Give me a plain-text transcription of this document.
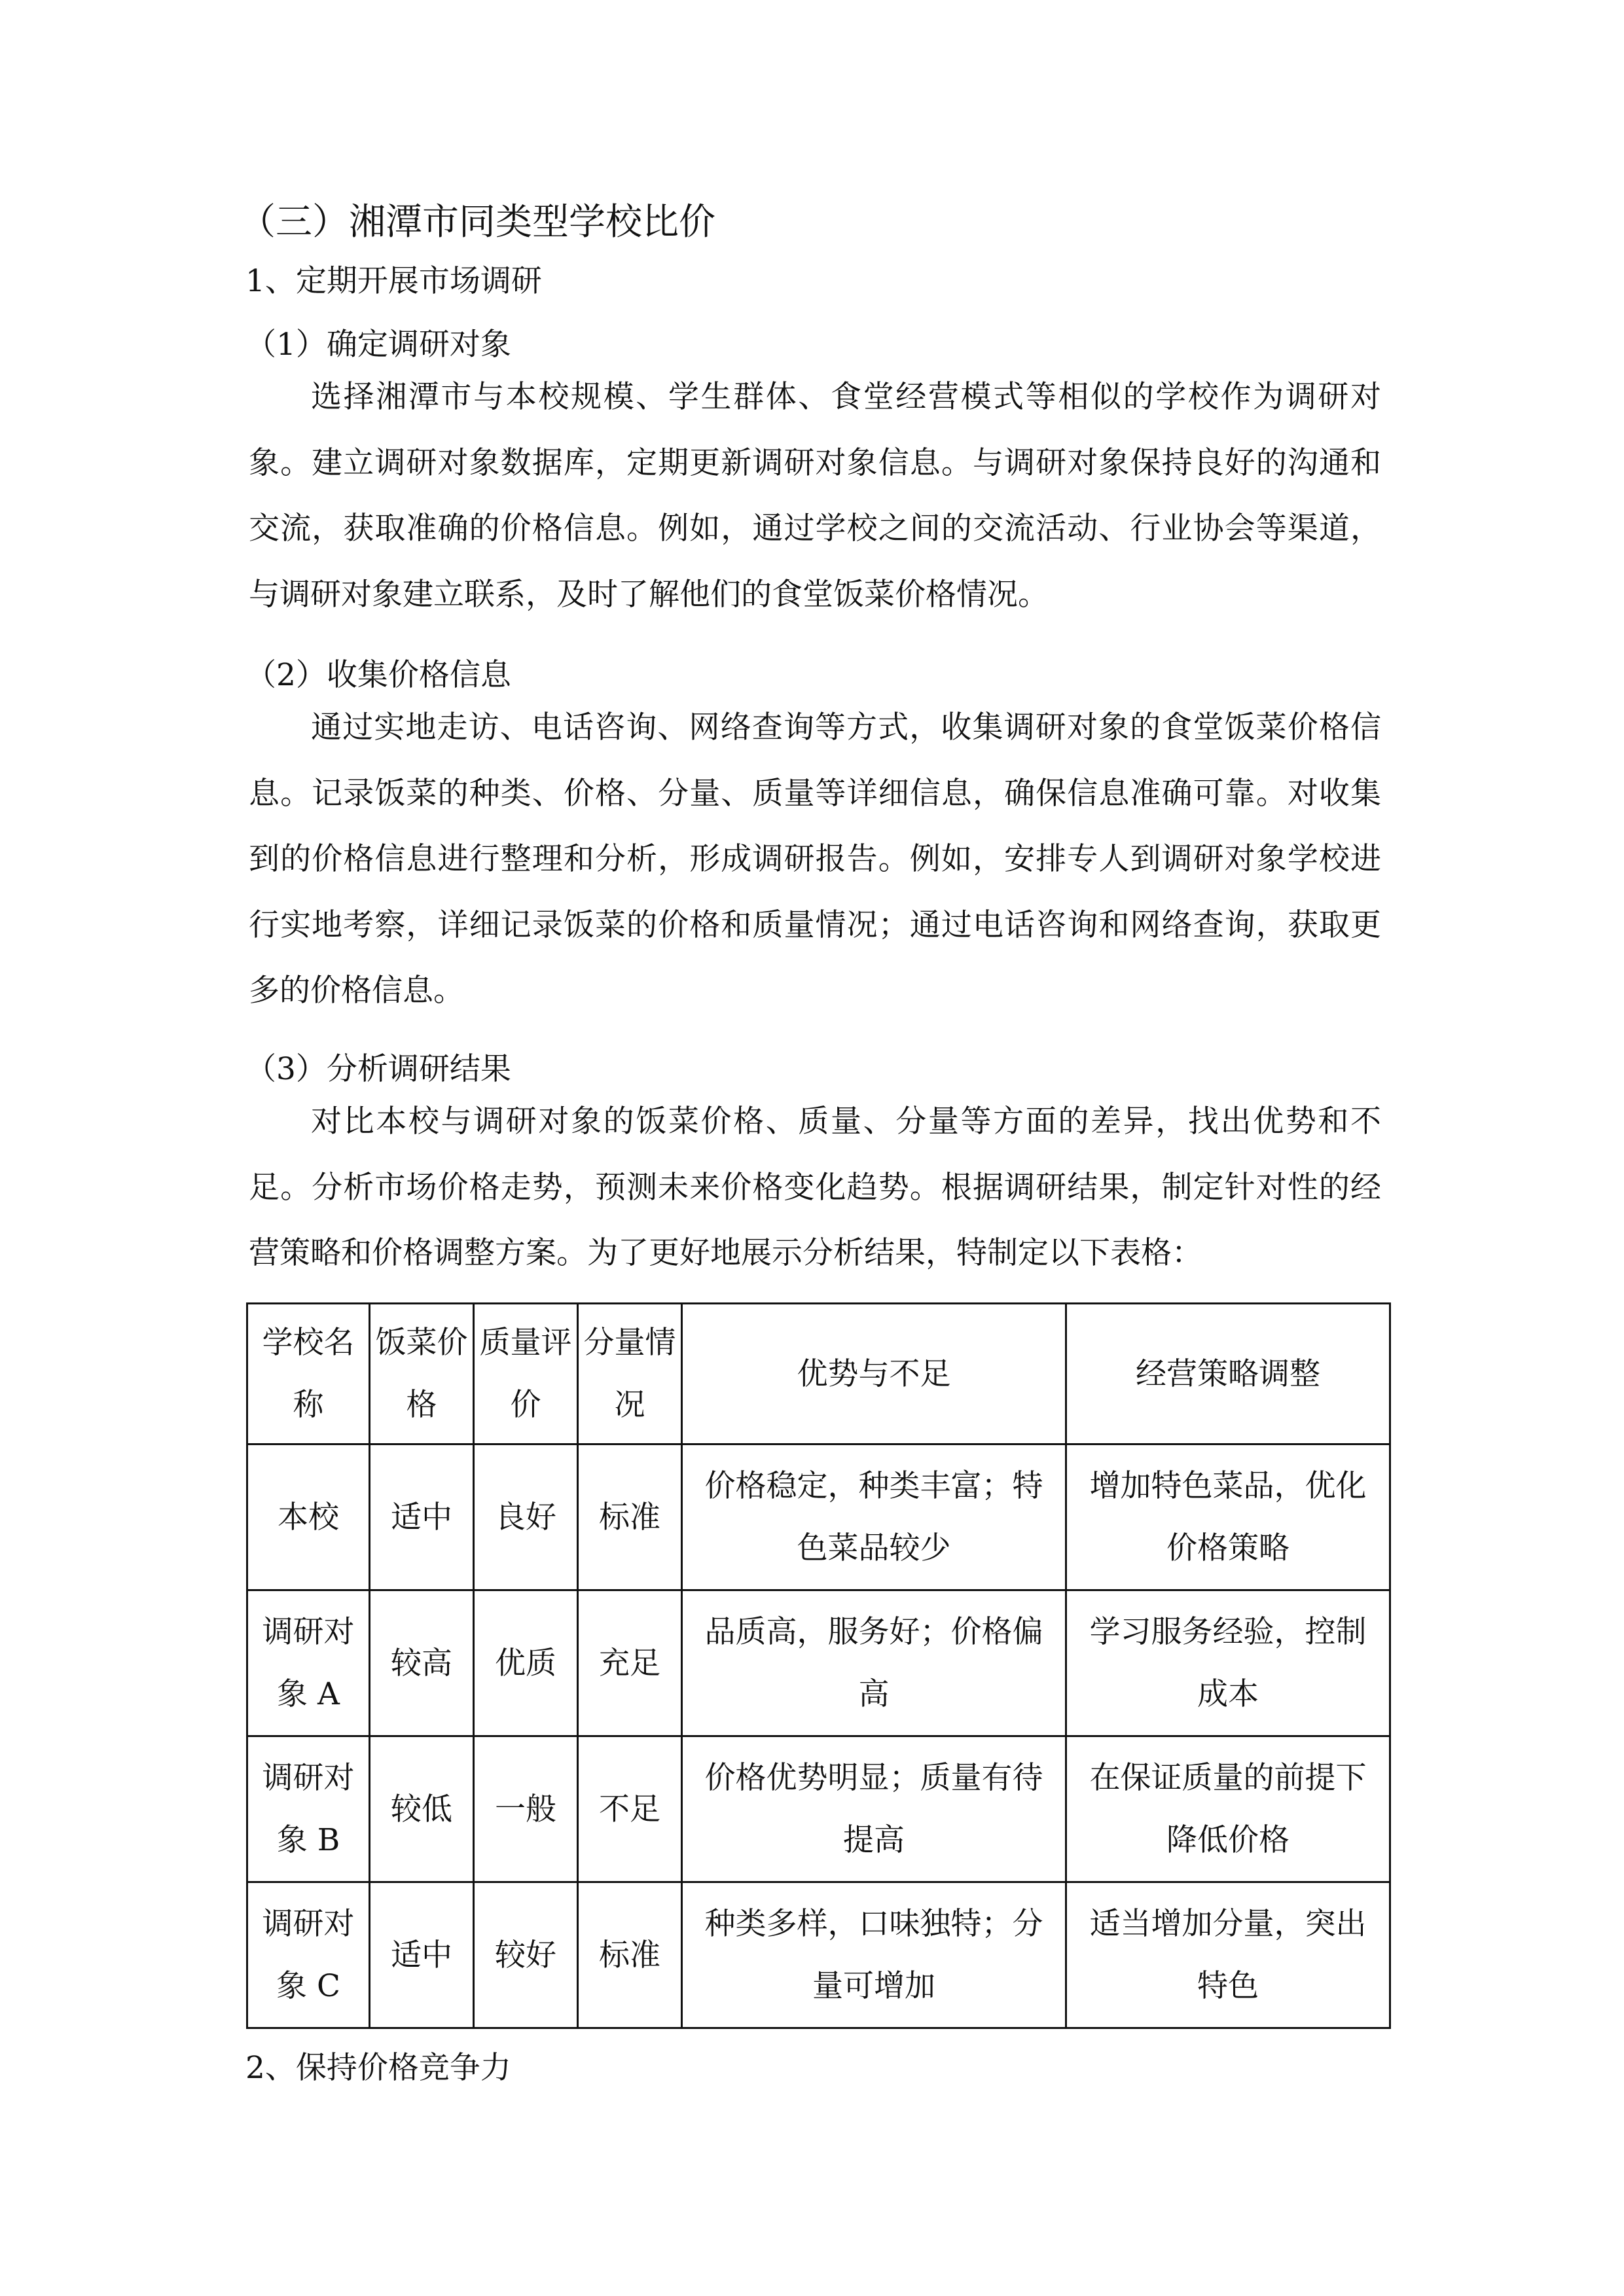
（三）湘潭市同类型学校比价
1、定期开展市场调研
（1）确定调研对象

选择湘潭市与本校规模、学生群体、食堂经营模式等相似的学校作为调研对象。建立调研对象数据库，定期更新调研对象信息。与调研对象保持良好的沟通和交流，获取准确的价格信息。例如，通过学校之间的交流活动、行业协会等渠道，与调研对象建立联系，及时了解他们的食堂饭菜价格情况。

（2）收集价格信息

通过实地走访、电话咨询、网络查询等方式，收集调研对象的食堂饭菜价格信息。记录饭菜的种类、价格、分量、质量等详细信息，确保信息准确可靠。对收集到的价格信息进行整理和分析，形成调研报告。例如，安排专人到调研对象学校进行实地考察，详细记录饭菜的价格和质量情况；通过电话咨询和网络查询，获取更多的价格信息。

（3）分析调研结果

对比本校与调研对象的饭菜价格、质量、分量等方面的差异，找出优势和不足。分析市场价格走势，预测未来价格变化趋势。根据调研结果，制定针对性的经营策略和价格调整方案。为了更好地展示分析结果，特制定以下表格：

学校名称	饭菜价格	质量评价	分量情况	优势与不足	经营策略调整
本校	适中	良好	标准	价格稳定，种类丰富；特色菜品较少	增加特色菜品，优化价格策略
调研对象 A	较高	优质	充足	品质高，服务好；价格偏高	学习服务经验，控制成本
调研对象 B	较低	一般	不足	价格优势明显；质量有待提高	在保证质量的前提下降低价格
调研对象 C	适中	较好	标准	种类多样，口味独特；分量可增加	适当增加分量，突出特色
2、保持价格竞争力
